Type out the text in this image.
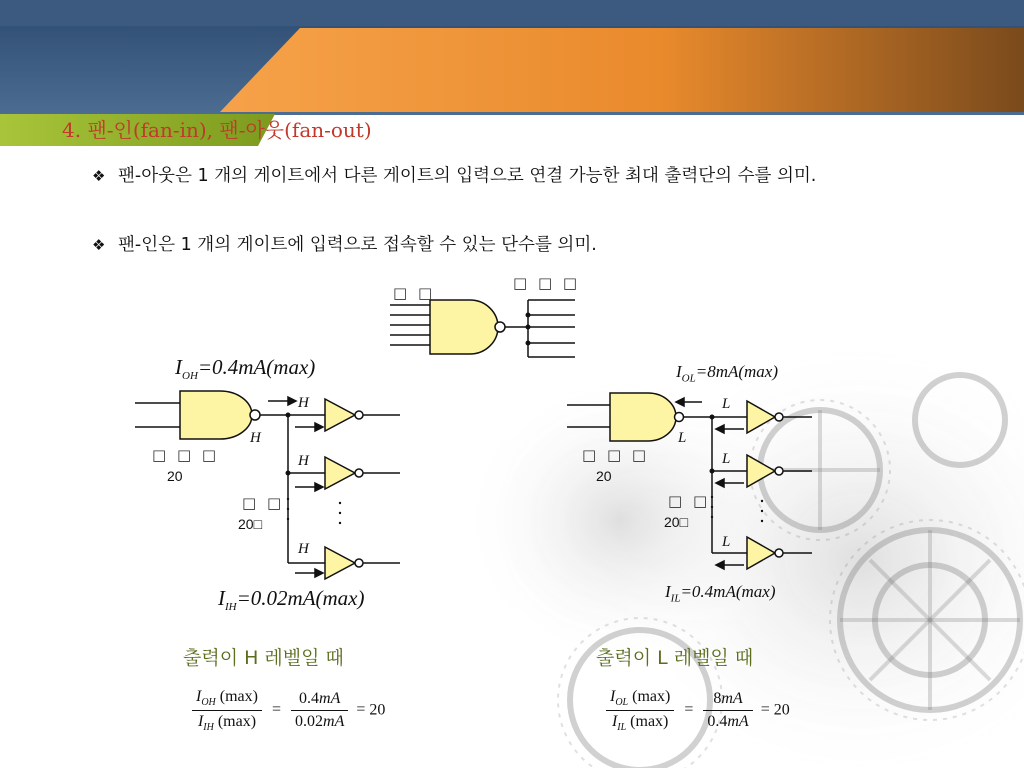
4. 팬-인(fan-in), 팬-아웃(fan-out)
❖ 팬-아웃은 1 개의 게이트에서 다른 게이트의 입력으로 연결 가능한 최대 출력단의 수를 의미.
❖ 팬-인은 1 개의 게이트에 입력으로 접속할 수 있는 단수를 의미.
□ □
□ □ □
$I_{OH}=0.4mA(\max)$
H
H
H
H
□ □ □
20
□ □
20□
$I_{IH}=0.02mA(\max)$
출력이 H 레벨일 때
$I_{OL}=8mA(\max)$
L
L
L
L
□ □ □
20
□ □
20□
$I_{IL}=0.4mA(\max)$
출력이 L 레벨일 때
$\frac{I_{OH} (\max)}{I_{IH} (\max)} = \frac{0.4mA}{0.02mA} = 20$	$\frac{I_{OL} (\max)}{I_{IL} (\max)} = \frac{8mA}{0.4mA} = 20$
